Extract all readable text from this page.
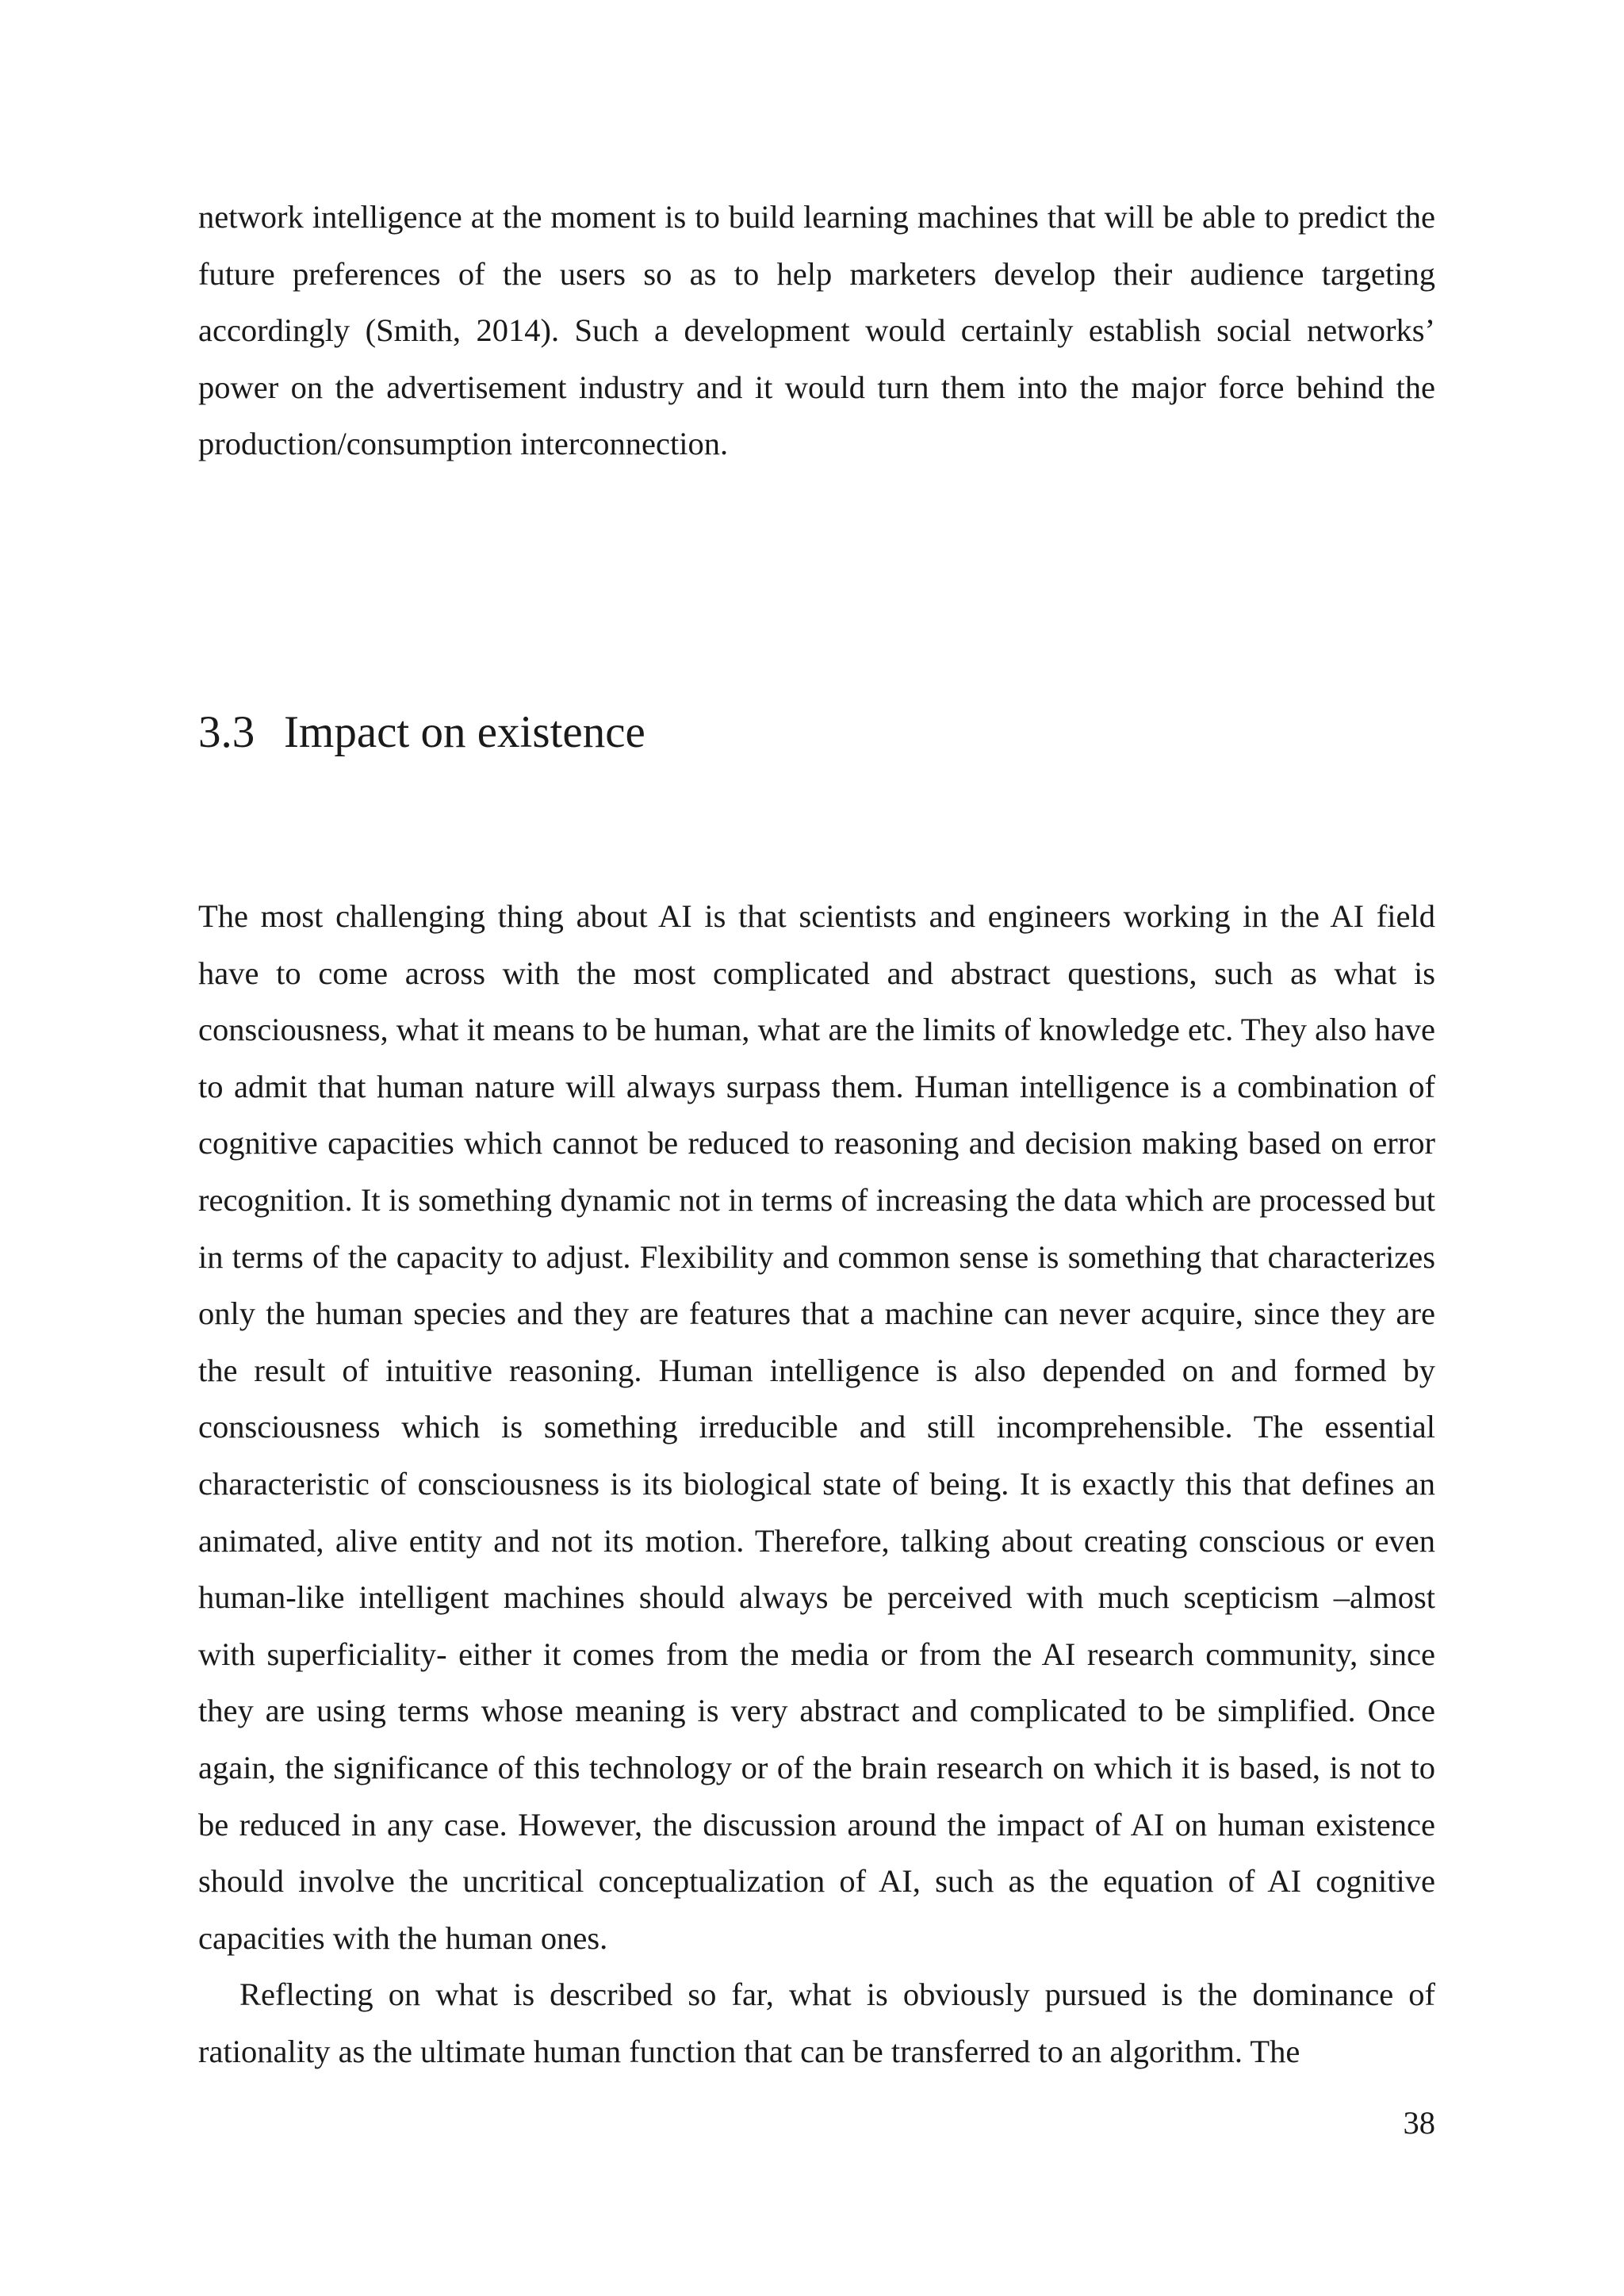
network intelligence at the moment is to build learning machines that will be able to predict the future preferences of the users so as to help marketers develop their audience targeting accordingly (Smith, 2014). Such a development would certainly establish social networks’ power on the advertisement industry and it would turn them into the major force behind the production/consumption interconnection.

3.3 Impact on existence

The most challenging thing about AI is that scientists and engineers working in the AI field have to come across with the most complicated and abstract questions, such as what is consciousness, what it means to be human, what are the limits of knowledge etc. They also have to admit that human nature will always surpass them. Human intelligence is a combination of cognitive capacities which cannot be reduced to reasoning and decision making based on error recognition. It is something dynamic not in terms of increasing the data which are processed but in terms of the capacity to adjust. Flexibility and common sense is something that characterizes only the human species and they are features that a machine can never acquire, since they are the result of intuitive reasoning. Human intelligence is also depended on and formed by consciousness which is something irreducible and still incomprehensible. The essential characteristic of consciousness is its biological state of being. It is exactly this that defines an animated, alive entity and not its motion. Therefore, talking about creating conscious or even human-like intelligent machines should always be perceived with much scepticism –almost with superficiality- either it comes from the media or from the AI research community, since they are using terms whose meaning is very abstract and complicated to be simplified. Once again, the significance of this technology or of the brain research on which it is based, is not to be reduced in any case. However, the discussion around the impact of AI on human existence should involve the uncritical conceptualization of AI, such as the equation of AI cognitive capacities with the human ones.

Reflecting on what is described so far, what is obviously pursued is the dominance of rationality as the ultimate human function that can be transferred to an algorithm. The

38
